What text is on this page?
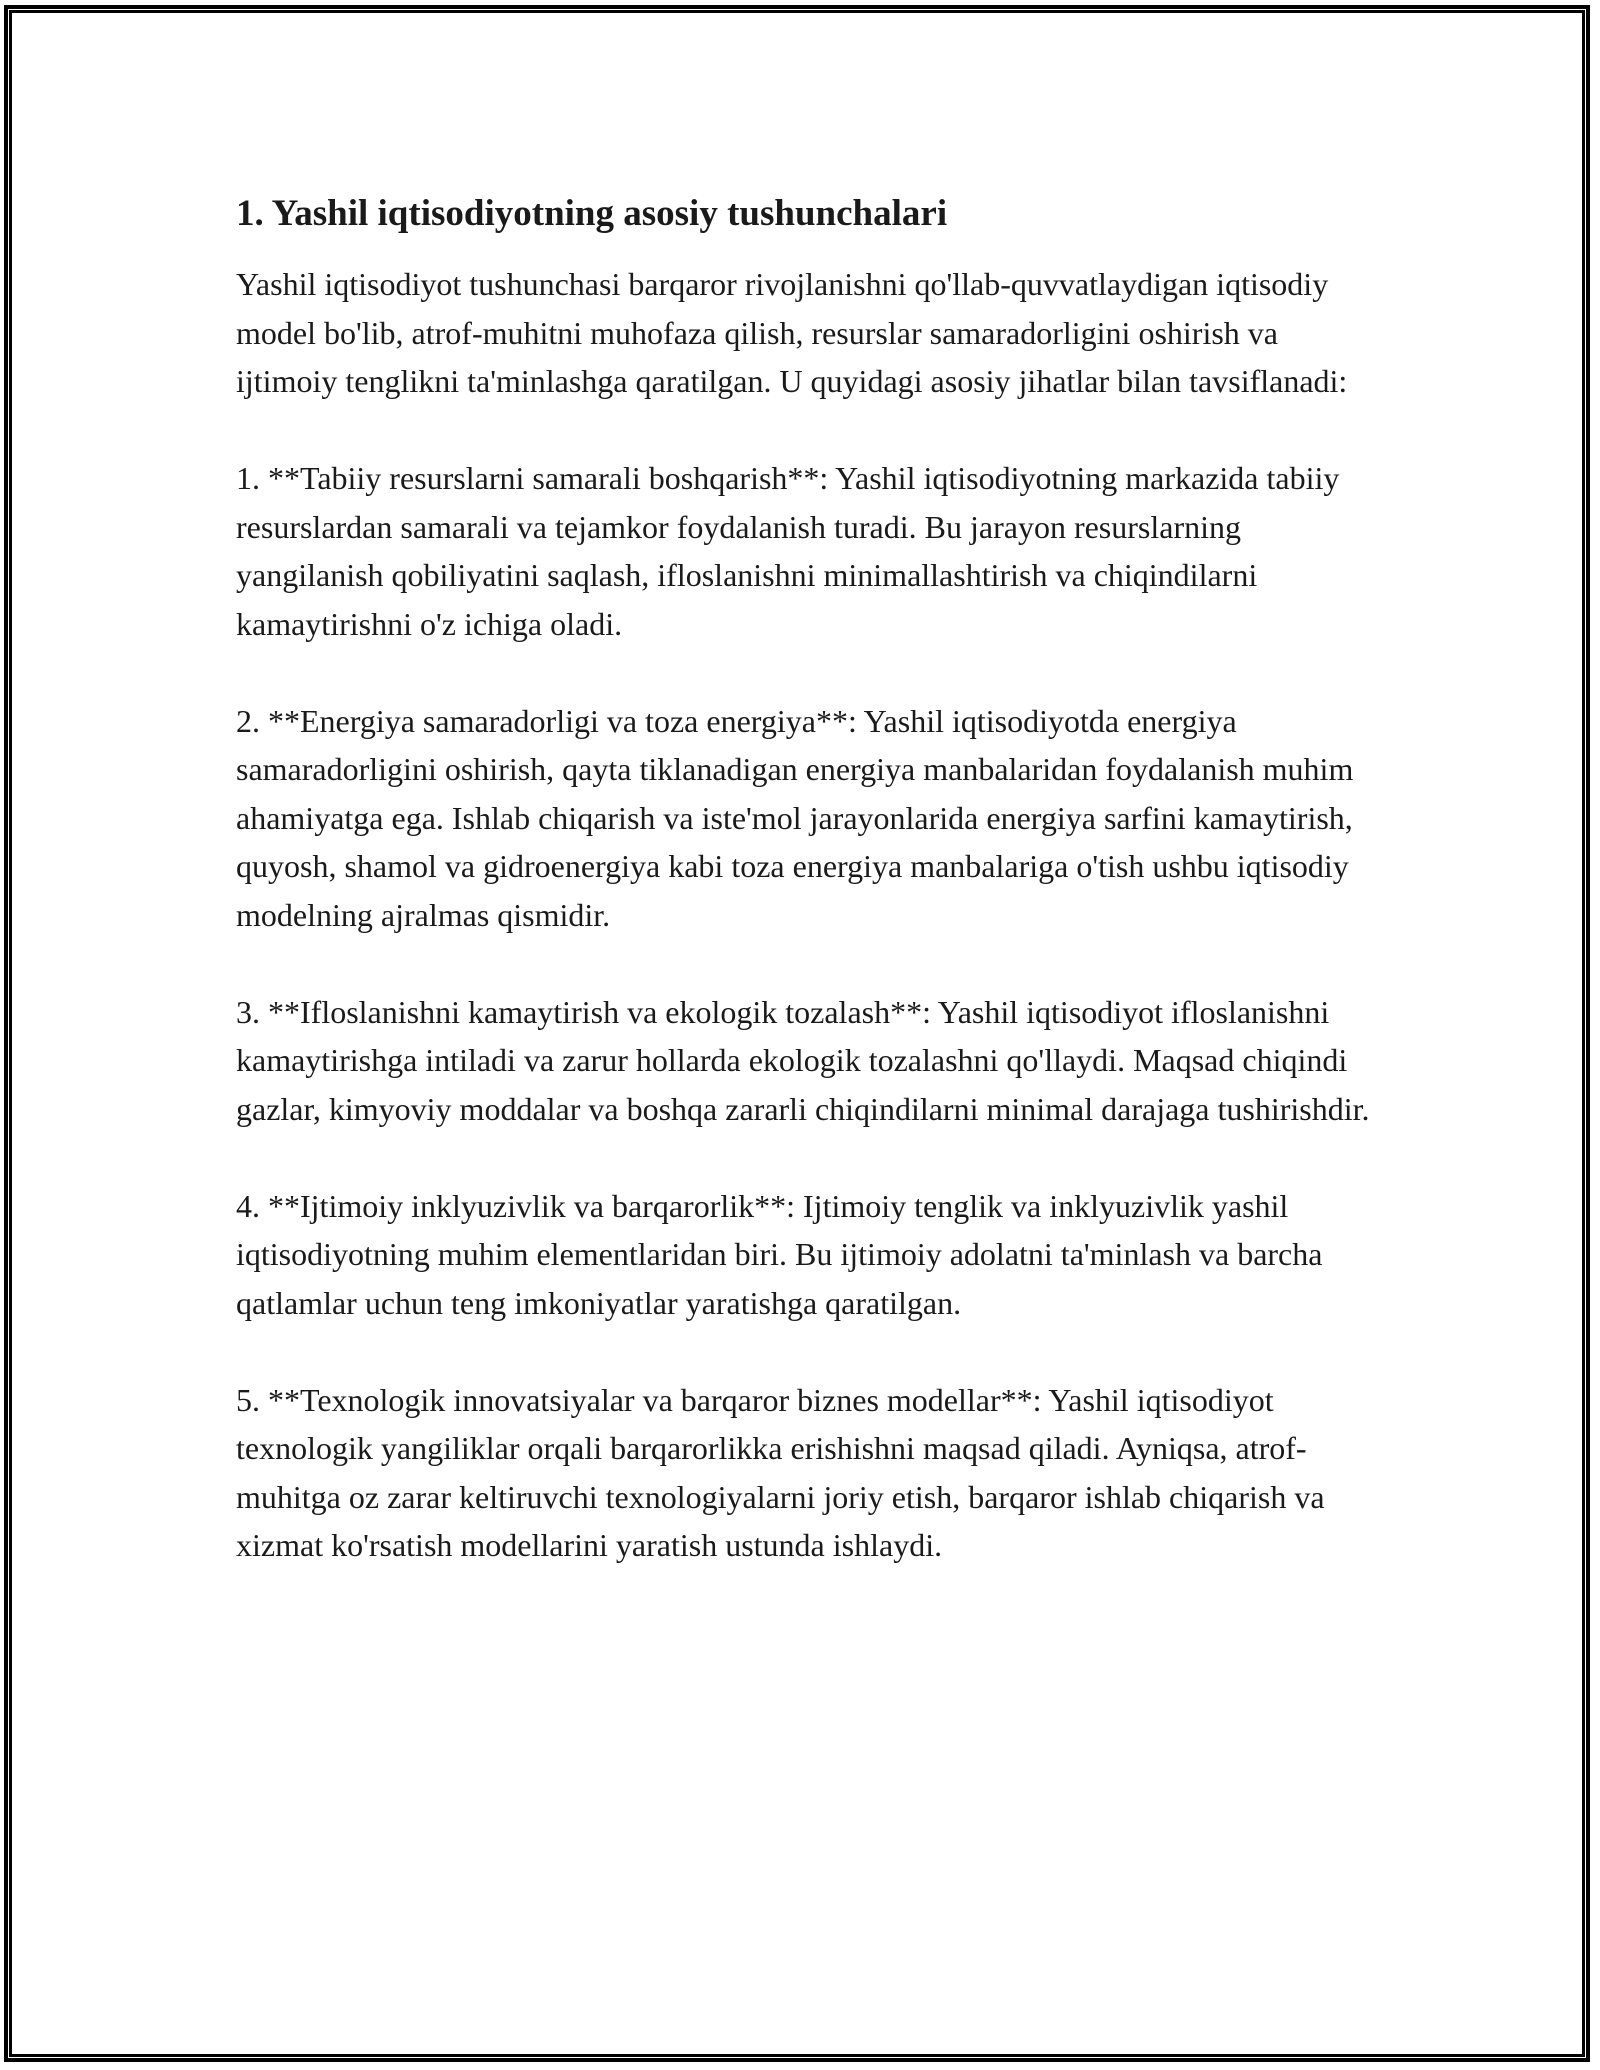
1. Yashil iqtisodiyotning asosiy tushunchalari

Yashil iqtisodiyot tushunchasi barqaror rivojlanishni qo'llab-quvvatlaydigan iqtisodiy model bo'lib, atrof-muhitni muhofaza qilish, resurslar samaradorligini oshirish va ijtimoiy tenglikni ta'minlashga qaratilgan. U quyidagi asosiy jihatlar bilan tavsiflanadi:

1. **Tabiiy resurslarni samarali boshqarish**: Yashil iqtisodiyotning markazida tabiiy resurslardan samarali va tejamkor foydalanish turadi. Bu jarayon resurslarning yangilanish qobiliyatini saqlash, ifloslanishni minimallashtirish va chiqindilarni kamaytirishni o'z ichiga oladi.

2. **Energiya samaradorligi va toza energiya**: Yashil iqtisodiyotda energiya samaradorligini oshirish, qayta tiklanadigan energiya manbalaridan foydalanish muhim ahamiyatga ega. Ishlab chiqarish va iste'mol jarayonlarida energiya sarfini kamaytirish, quyosh, shamol va gidroenergiya kabi toza energiya manbalariga o'tish ushbu iqtisodiy modelning ajralmas qismidir.

3. **Ifloslanishni kamaytirish va ekologik tozalash**: Yashil iqtisodiyot ifloslanishni kamaytirishga intiladi va zarur hollarda ekologik tozalashni qo'llaydi. Maqsad chiqindi gazlar, kimyoviy moddalar va boshqa zararli chiqindilarni minimal darajaga tushirishdir.

4. **Ijtimoiy inklyuzivlik va barqarorlik**: Ijtimoiy tenglik va inklyuzivlik yashil iqtisodiyotning muhim elementlaridan biri. Bu ijtimoiy adolatni ta'minlash va barcha qatlamlar uchun teng imkoniyatlar yaratishga qaratilgan.

5. **Texnologik innovatsiyalar va barqaror biznes modellar**: Yashil iqtisodiyot texnologik yangiliklar orqali barqarorlikka erishishni maqsad qiladi. Ayniqsa, atrof-muhitga oz zarar keltiruvchi texnologiyalarni joriy etish, barqaror ishlab chiqarish va xizmat ko'rsatish modellarini yaratish ustunda ishlaydi.
